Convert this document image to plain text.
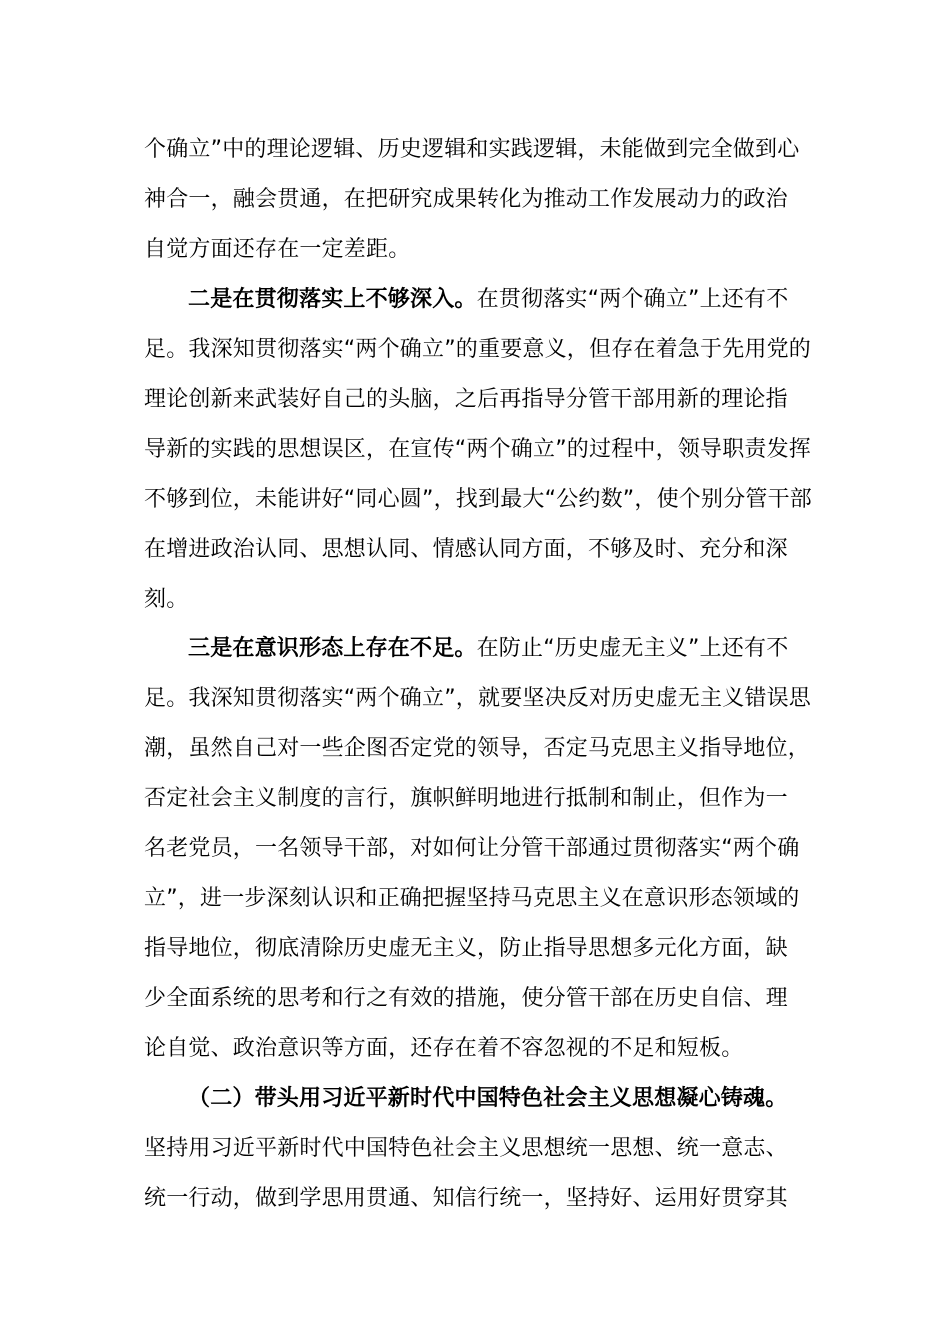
个确立”中的理论逻辑、历史逻辑和实践逻辑，未能做到完全做到心
神合一，融会贯通，在把研究成果转化为推动工作发展动力的政治
自觉方面还存在一定差距。
二是在贯彻落实上不够深入。在贯彻落实“两个确立”上还有不
足。我深知贯彻落实“两个确立”的重要意义，但存在着急于先用党的
理论创新来武装好自己的头脑，之后再指导分管干部用新的理论指
导新的实践的思想误区，在宣传“两个确立”的过程中，领导职责发挥
不够到位，未能讲好“同心圆”，找到最大“公约数”，使个别分管干部
在增进政治认同、思想认同、情感认同方面，不够及时、充分和深
刻。
三是在意识形态上存在不足。在防止“历史虚无主义”上还有不
足。我深知贯彻落实“两个确立”，就要坚决反对历史虚无主义错误思
潮，虽然自己对一些企图否定党的领导，否定马克思主义指导地位，
否定社会主义制度的言行，旗帜鲜明地进行抵制和制止，但作为一
名老党员，一名领导干部，对如何让分管干部通过贯彻落实“两个确
立”，进一步深刻认识和正确把握坚持马克思主义在意识形态领域的
指导地位，彻底清除历史虚无主义，防止指导思想多元化方面，缺
少全面系统的思考和行之有效的措施，使分管干部在历史自信、理
论自觉、政治意识等方面，还存在着不容忽视的不足和短板。
（二）带头用习近平新时代中国特色社会主义思想凝心铸魂。
坚持用习近平新时代中国特色社会主义思想统一思想、统一意志、
统一行动，做到学思用贯通、知信行统一，坚持好、运用好贯穿其
